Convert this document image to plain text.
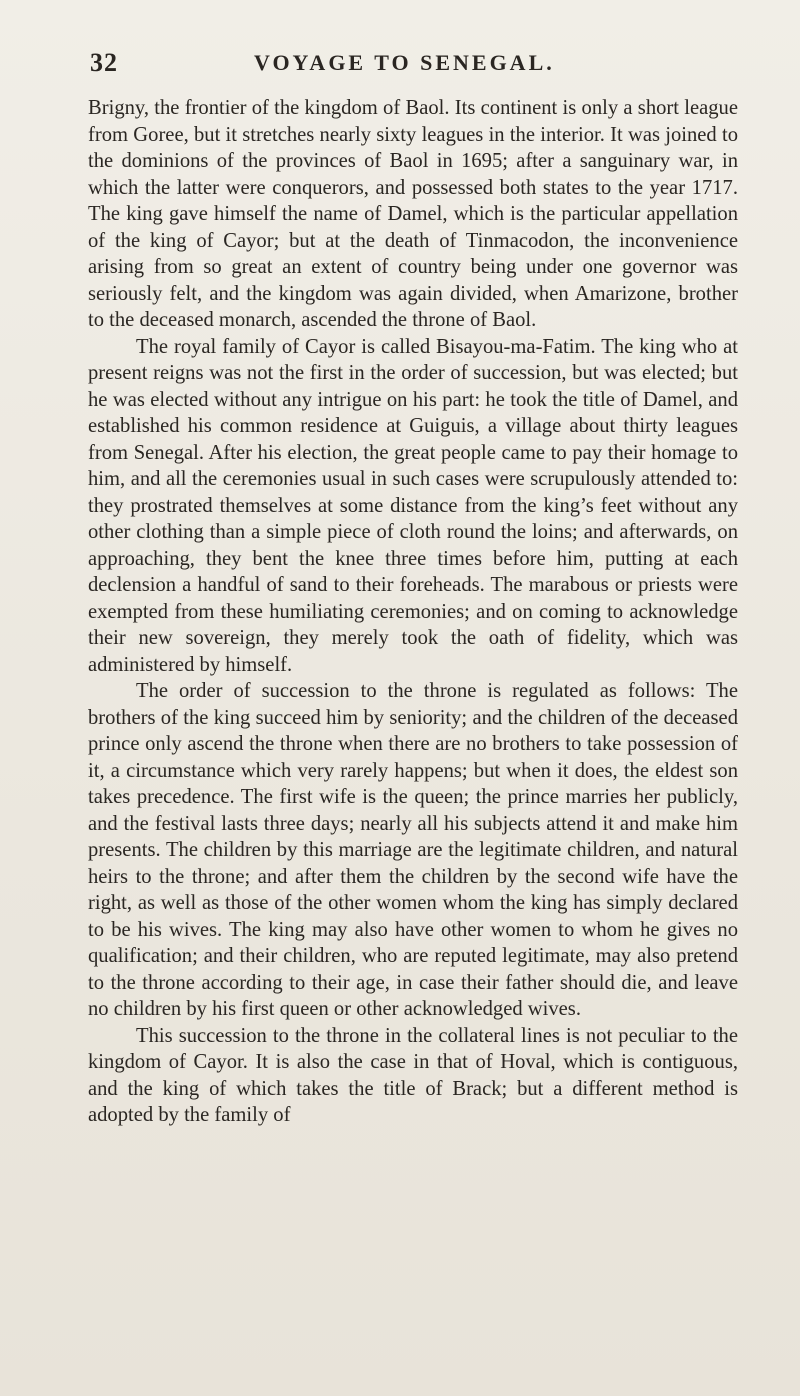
32	VOYAGE TO SENEGAL.

Brigny, the frontier of the kingdom of Baol. Its continent is only a short league from Goree, but it stretches nearly sixty leagues in the interior. It was joined to the dominions of the provinces of Baol in 1695; after a sanguinary war, in which the latter were conquerors, and possessed both states to the year 1717. The king gave himself the name of Damel, which is the particular appellation of the king of Cayor; but at the death of Tinmacodon, the inconvenience arising from so great an extent of country being under one governor was seriously felt, and the kingdom was again divided, when Amarizone, brother to the deceased monarch, ascended the throne of Baol.

The royal family of Cayor is called Bisayou-ma-Fatim. The king who at present reigns was not the first in the order of succession, but was elected; but he was elected without any intrigue on his part: he took the title of Damel, and established his common residence at Guiguis, a village about thirty leagues from Senegal. After his election, the great people came to pay their homage to him, and all the ceremonies usual in such cases were scrupulously attended to: they prostrated themselves at some distance from the king’s feet without any other clothing than a simple piece of cloth round the loins; and afterwards, on approaching, they bent the knee three times before him, putting at each declension a handful of sand to their foreheads. The marabous or priests were exempted from these humiliating ceremonies; and on coming to acknowledge their new sovereign, they merely took the oath of fidelity, which was administered by himself.

The order of succession to the throne is regulated as follows: The brothers of the king succeed him by seniority; and the children of the deceased prince only ascend the throne when there are no brothers to take possession of it, a circumstance which very rarely happens; but when it does, the eldest son takes precedence. The first wife is the queen; the prince marries her publicly, and the festival lasts three days; nearly all his subjects attend it and make him presents. The children by this marriage are the legitimate children, and natural heirs to the throne; and after them the children by the second wife have the right, as well as those of the other women whom the king has simply declared to be his wives. The king may also have other women to whom he gives no qualification; and their children, who are reputed legitimate, may also pretend to the throne according to their age, in case their father should die, and leave no children by his first queen or other acknowledged wives.

This succession to the throne in the collateral lines is not peculiar to the kingdom of Cayor. It is also the case in that of Hoval, which is contiguous, and the king of which takes the title of Brack; but a different method is adopted by the family of
